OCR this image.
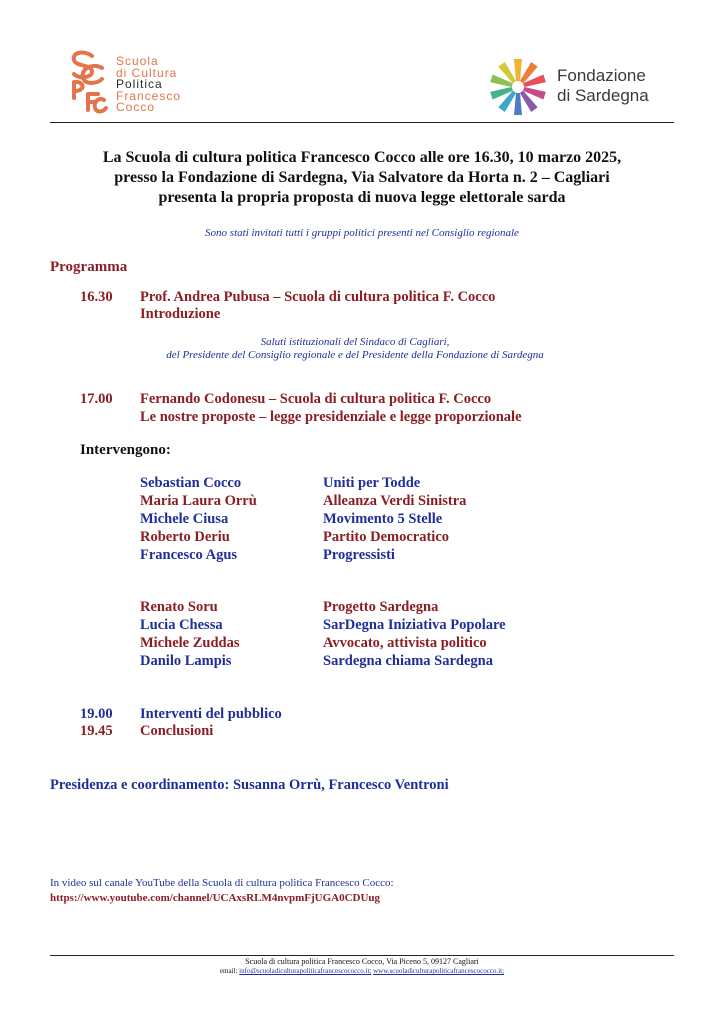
Scuola
di Cultura
Politica
Francesco
Cocco
Fondazione
di Sardegna
La Scuola di cultura politica Francesco Cocco alle ore 16.30, 10 marzo 2025,
presso la Fondazione di Sardegna, Via Salvatore da Horta n. 2 – Cagliari
presenta la propria proposta di nuova legge elettorale sarda
Sono stati invitati tutti i gruppi politici presenti nel Consiglio regionale
Programma
16.30 Prof. Andrea Pubusa – Scuola di cultura politica F. Cocco
Introduzione
Saluti istituzionali del Sindaco di Cagliari,
del Presidente del Consiglio regionale e del Presidente della Fondazione di Sardegna
17.00 Fernando Codonesu – Scuola di cultura politica F. Cocco
Le nostre proposte – legge presidenziale e legge proporzionale
Intervengono:
Sebastian Cocco	Uniti per Todde
Maria Laura Orrù	Alleanza Verdi Sinistra
Michele Ciusa	Movimento 5 Stelle
Roberto Deriu	Partito Democratico
Francesco Agus	Progressisti
Renato Soru	Progetto Sardegna
Lucia Chessa	SarDegna Iniziativa Popolare
Michele Zuddas	Avvocato, attivista politico
Danilo Lampis	Sardegna chiama Sardegna
19.00 Interventi del pubblico
19.45 Conclusioni
Presidenza e coordinamento: Susanna Orrù, Francesco Ventroni
In video sul canale YouTube della Scuola di cultura politica Francesco Cocco:
https://www.youtube.com/channel/UCAxsRLM4nvpmFjUGA0CDUug
Scuola di cultura politica Francesco Cocco, Via Piceno 5, 09127 Cagliari
email: info@scuoladiculturapoliticafrancescococco.it; www.scuoladiculturapoliticafrancescococco.it;
